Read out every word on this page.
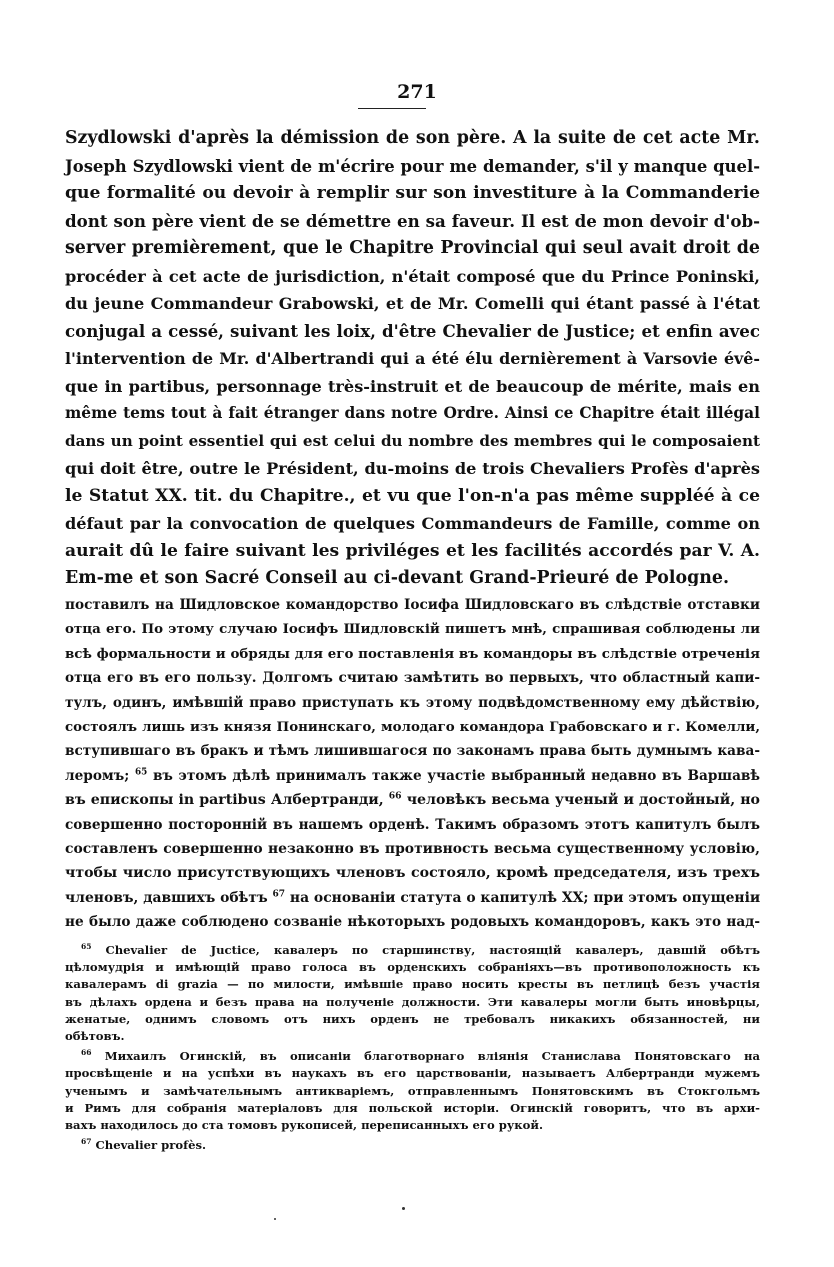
271
Szydlowski d'après la démission de son père. A la suite de cet acte Mr.
Joseph Szydlowski vient de m'écrire pour me demander, s'il y manque quel-
que formalité ou devoir à remplir sur son investiture à la Commanderie
dont son père vient de se démettre en sa faveur. Il est de mon devoir d'ob-
server premièrement, que le Chapitre Provincial qui seul avait droit de
procéder à cet acte de jurisdiction, n'était composé que du Prince Poninski,
du jeune Commandeur Grabowski, et de Mr. Comelli qui étant passé à l'état
conjugal a cessé, suivant les loix, d'être Chevalier de Justice; et enfin avec
l'intervention de Mr. d'Albertrandi qui a été élu dernièrement à Varsovie évê-
que in partibus, personnage très-instruit et de beaucoup de mérite, mais en
même tems tout à fait étranger dans notre Ordre. Ainsi ce Chapitre était illégal
dans un point essentiel qui est celui du nombre des membres qui le composaient
qui doit être, outre le Président, du-moins de trois Chevaliers Profès d'après
le Statut XX. tit. du Chapitre., et vu que l'on-n'a pas même suppléé à ce
défaut par la convocation de quelques Commandeurs de Famille, comme on
aurait dû le faire suivant les priviléges et les facilités accordés par V. A.
Em-me et son Sacré Conseil au ci-devant Grand-Prieuré de Pologne.
поставилъ на Шидловское командорство Іосифа Шидловскаго въ слѣдствіе отставки
отца его. По этому случаю Іосифъ Шидловскій пишетъ мнѣ, спрашивая соблюдены ли
всѣ формальности и обряды для его поставленія въ командоры въ слѣдствіе отреченія
отца его въ его пользу. Долгомъ считаю замѣтить во первыхъ, что областный капи-
тулъ, одинъ, имѣвшій право приступать къ этому подвѣдомственному ему дѣйствію,
состоялъ лишь изъ князя Понинскаго, молодаго командора Грабовскаго и г. Комелли,
вступившаго въ бракъ и тѣмъ лишившагося по законамъ права быть думнымъ кава-
леромъ; $^{65}$ въ этомъ дѣлѣ принималъ также участіе выбранный недавно въ Варшавѣ
въ епископы in partibus Албертранди, $^{66}$ человѣкъ весьма ученый и достойный, но
совершенно посторонній въ нашемъ орденѣ. Такимъ образомъ этотъ капитулъ былъ
составленъ совершенно незаконно въ противность весьма существенному условію,
чтобы число присутствующихъ членовъ состояло, кромѣ председателя, изъ трехъ
членовъ, давшихъ обѣтъ $^{67}$ на основаніи статута о капитулѣ XX; при этомъ опущеніи
не было даже соблюдено созваніе нѣкоторыхъ родовыхъ командоровъ, какъ это над-
$^{65}$ Chevalier de Juctice, кавалеръ по старшинству, настоящій кавалеръ, давшій обѣтъ
цѣломудрія и имѣющій право голоса въ орденскихъ собраніяхъ—въ противоположность къ
кавалерамъ di grazia — по милости, имѣвшіе право носить кресты въ петлицѣ безъ участія
въ дѣлахъ ордена и безъ права на полученіе должности. Эти кавалеры могли быть иновѣрцы,
женатые, однимъ словомъ отъ нихъ орденъ не требовалъ никакихъ обязанностей, ни
обѣтовъ.
$^{66}$ Михаилъ Огинскій, въ описаніи благотворнаго вліянія Станислава Понятовскаго на
просвѣщеніе и на успѣхи въ наукахъ въ его царствованіи, называетъ Албертранди мужемъ
ученымъ и замѣчательнымъ антикваріемъ, отправленнымъ Понятовскимъ въ Стокгольмъ
и Римъ для собранія матеріаловъ для польской исторіи. Огинскій говоритъ, что въ архи-
вахъ находилось до ста томовъ рукописей, переписанныхъ его рукой.
$^{67}$ Chevalier profès.
